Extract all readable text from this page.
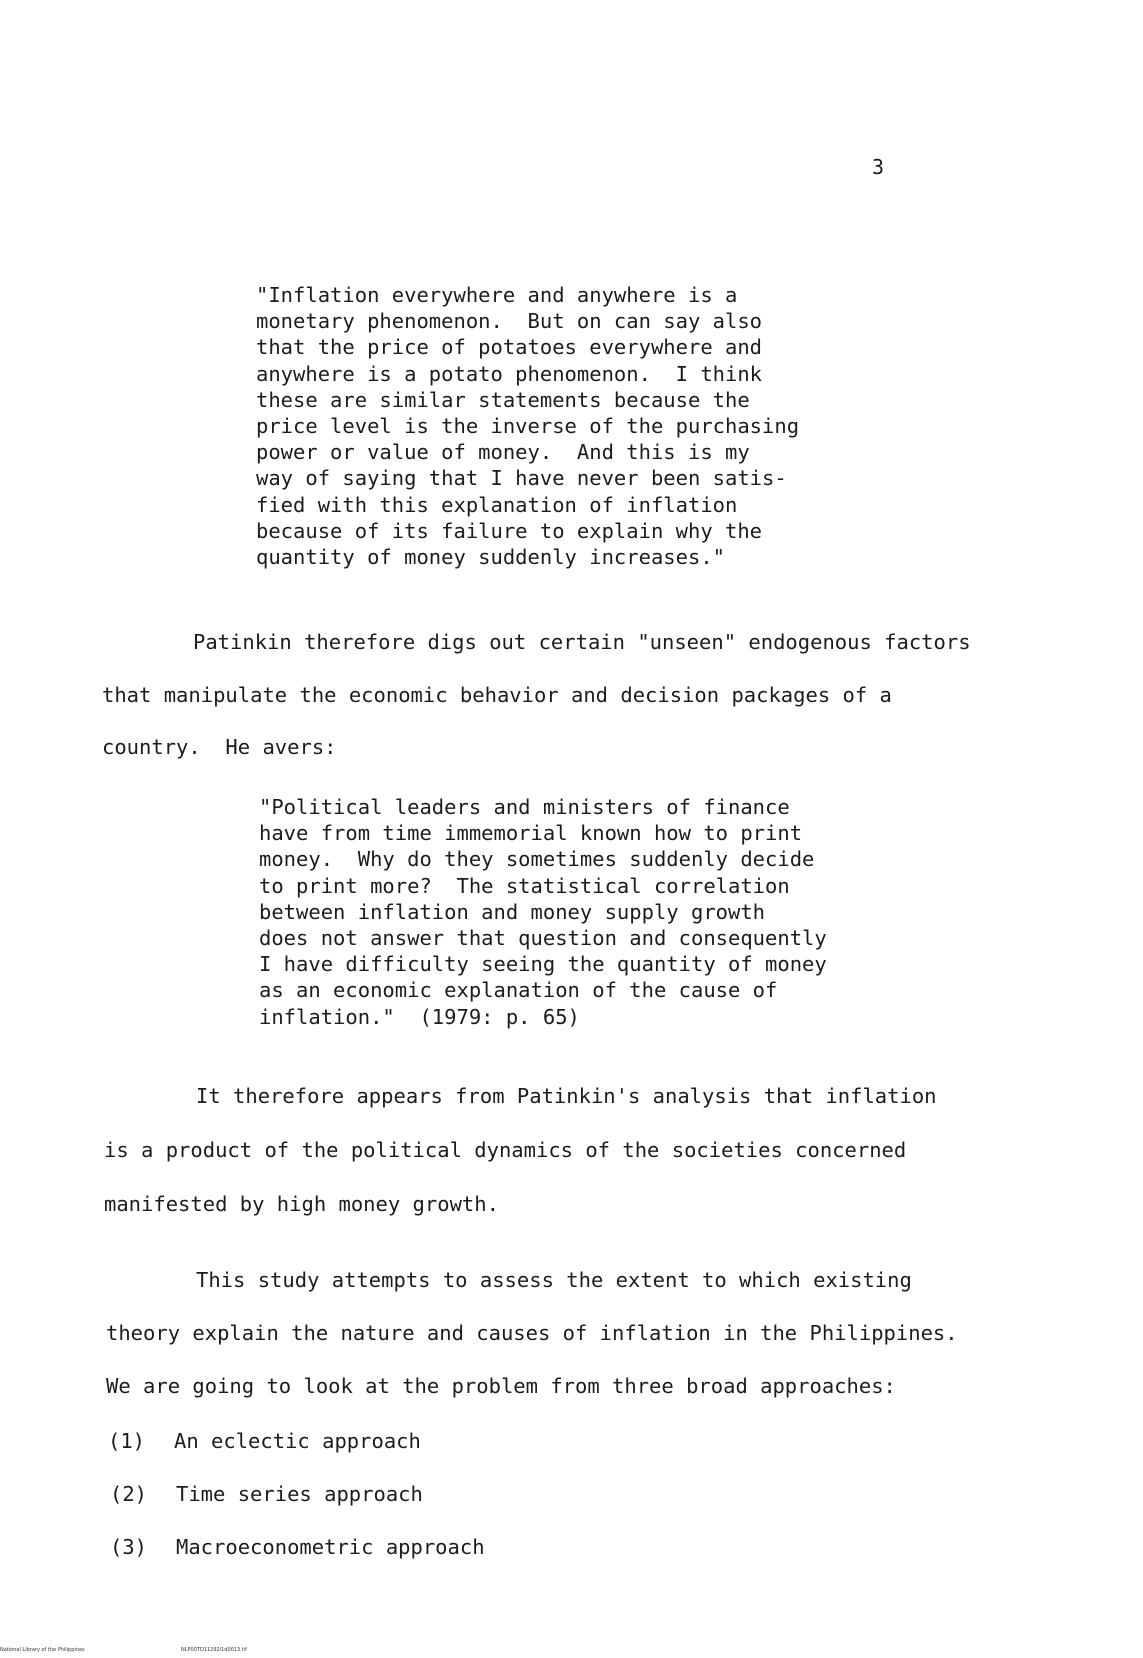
3
"Inflation everywhere and anywhere is a
monetary phenomenon.  But on can say also
that the price of potatoes everywhere and
anywhere is a potato phenomenon.  I think
these are similar statements because the
price level is the inverse of the purchasing
power or value of money.  And this is my
way of saying that I have never been satis-
fied with this explanation of inflation
because of its failure to explain why the
quantity of money suddenly increases."
Patinkin therefore digs out certain "unseen" endogenous factors
that manipulate the economic behavior and decision packages of a
country.  He avers:
"Political leaders and ministers of finance
have from time immemorial known how to print
money.  Why do they sometimes suddenly decide
to print more?  The statistical correlation
between inflation and money supply growth
does not answer that question and consequently
I have difficulty seeing the quantity of money
as an economic explanation of the cause of
inflation."  (1979: p. 65)
It therefore appears from Patinkin's analysis that inflation
is a product of the political dynamics of the societies concerned
manifested by high money growth.
This study attempts to assess the extent to which existing
theory explain the nature and causes of inflation in the Philippines.
We are going to look at the problem from three broad approaches:
(1) An eclectic approach
(2) Time series approach
(3) Macroeconometric approach
National Library of the Philippines	NLP00TD11292i1d0013.tif
